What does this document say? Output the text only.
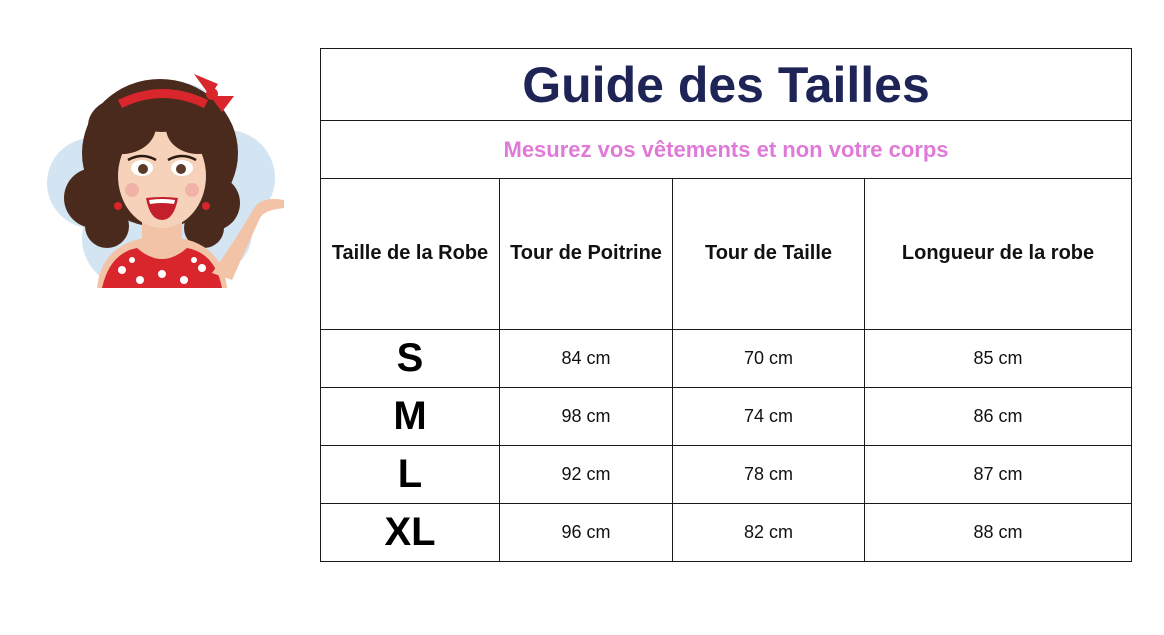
Guide des Tailles			
Mesurez vos vêtements et non votre corps			
Taille de la Robe	Tour de Poitrine	Tour de Taille	Longueur de la robe
S	84 cm	70 cm	85 cm
M	98 cm	74 cm	86 cm
L	92 cm	78 cm	87 cm
XL	96 cm	82 cm	88 cm
